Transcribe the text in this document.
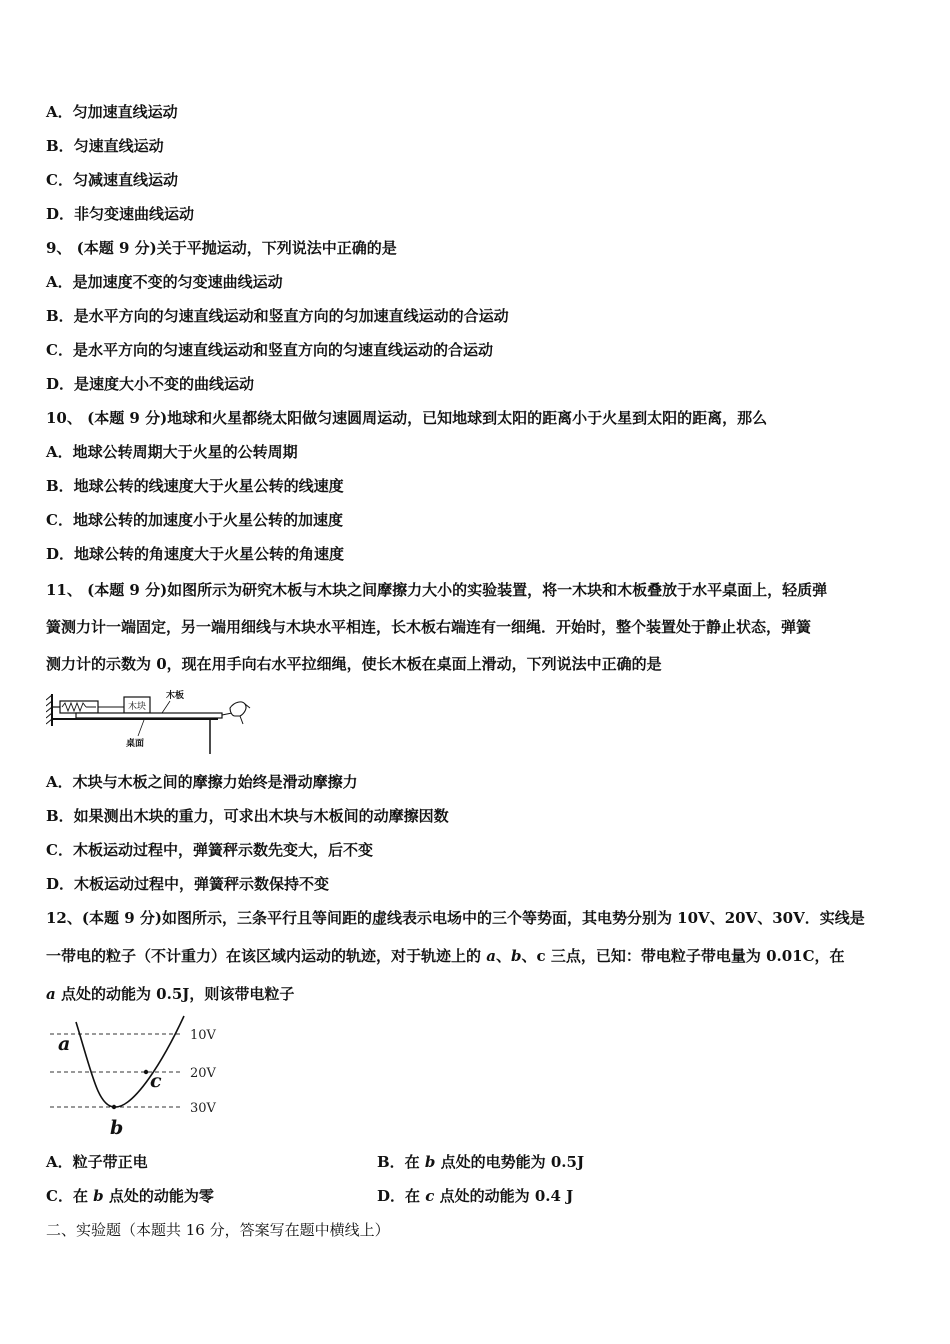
A．匀加速直线运动
B．匀速直线运动
C．匀减速直线运动
D．非匀变速曲线运动
9、 (本题 9 分)关于平抛运动，下列说法中正确的是
A．是加速度不变的匀变速曲线运动
B．是水平方向的匀速直线运动和竖直方向的匀加速直线运动的合运动
C．是水平方向的匀速直线运动和竖直方向的匀速直线运动的合运动
D．是速度大小不变的曲线运动
10、 (本题 9 分)地球和火星都绕太阳做匀速圆周运动，已知地球到太阳的距离小于火星到太阳的距离，那么
A．地球公转周期大于火星的公转周期
B．地球公转的线速度大于火星公转的线速度
C．地球公转的加速度小于火星公转的加速度
D．地球公转的角速度大于火星公转的角速度
11、 (本题 9 分)如图所示为研究木板与木块之间摩擦力大小的实验装置，将一木块和木板叠放于水平桌面上，轻质弹
簧测力计一端固定，另一端用细线与木块水平相连，长木板右端连有一细绳．开始时，整个装置处于静止状态，弹簧
测力计的示数为 0，现在用手向右水平拉细绳，使长木板在桌面上滑动，下列说法中正确的是
木块
木板
桌面
A．木块与木板之间的摩擦力始终是滑动摩擦力
B．如果测出木块的重力，可求出木块与木板间的动摩擦因数
C．木板运动过程中，弹簧秤示数先变大，后不变
D．木板运动过程中，弹簧秤示数保持不变
12、(本题 9 分)如图所示，三条平行且等间距的虚线表示电场中的三个等势面，其电势分别为 10V、20V、30V．实线是
一带电的粒子（不计重力）在该区域内运动的轨迹，对于轨迹上的 a、b、c 三点，已知：带电粒子带电量为 0.01C，在
a 点处的动能为 0.5J，则该带电粒子
10V
20V
30V
a
b
c
A．粒子带正电	B．在 b 点处的电势能为 0.5J
C．在 b 点处的动能为零	D．在 c 点处的动能为 0.4 J
二、实验题（本题共 16 分，答案写在题中横线上）
